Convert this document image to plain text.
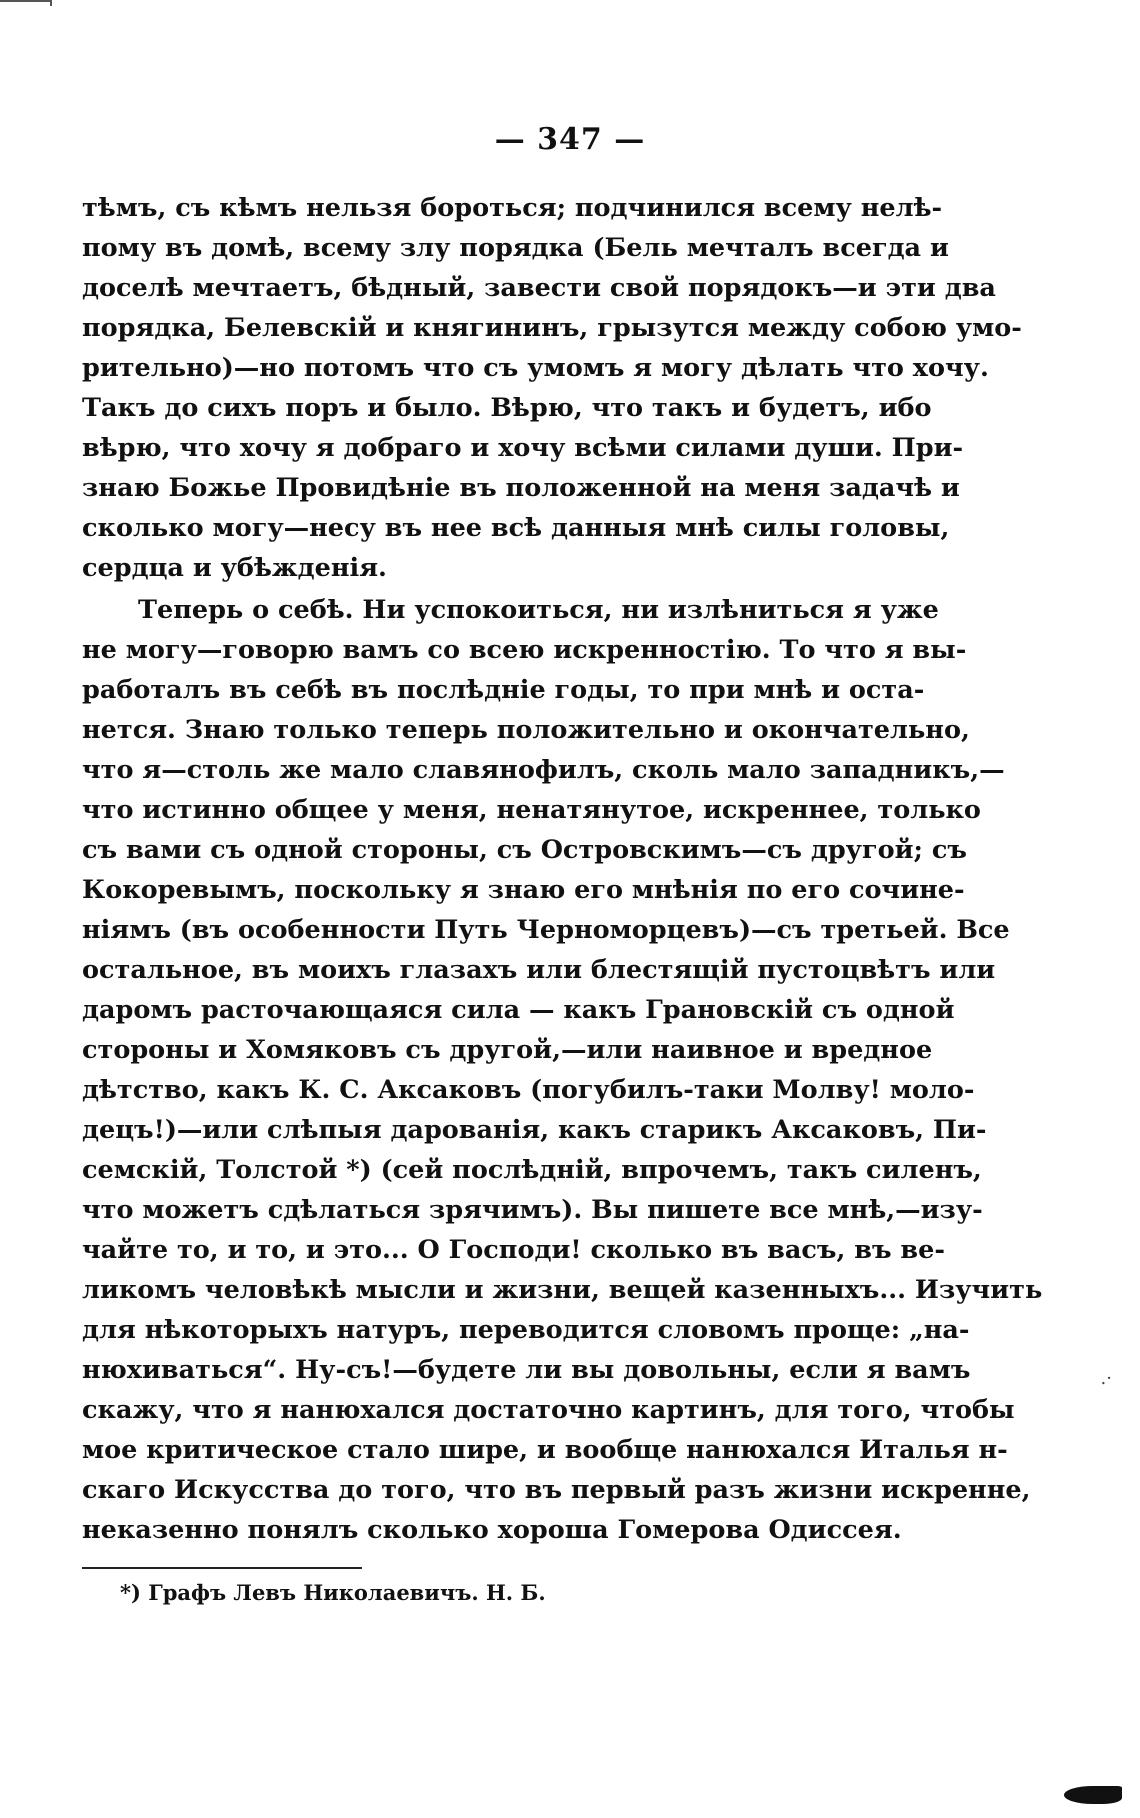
— 347 —
тѣмъ, съ кѣмъ нельзя бороться; подчинился всему нелѣ-
пому въ домѣ, всему злу порядка (Бель мечталъ всегда и
доселѣ мечтаетъ, бѣдный, завести свой порядокъ—и эти два
порядка, Белевскій и княгининъ, грызутся между собою умо-
рительно)—но потомъ что съ умомъ я могу дѣлать что хочу.
Такъ до сихъ поръ и было. Вѣрю, что такъ и будетъ, ибо
вѣрю, что хочу я добраго и хочу всѣми силами души. При-
знаю Божье Провидѣніе въ положенной на меня задачѣ и
сколько могу—несу въ нее всѣ данныя мнѣ силы головы,
сердца и убѣжденія.
Теперь о себѣ. Ни успокоиться, ни излѣниться я уже
не могу—говорю вамъ со всею искренностію. То что я вы-
работалъ въ себѣ въ послѣдніе годы, то при мнѣ и оста-
нется. Знаю только теперь положительно и окончательно,
что я—столь же мало славянофилъ, сколь мало западникъ,—
что истинно общее у меня, ненатянутое, искреннее, только
съ вами съ одной стороны, съ Островскимъ—съ другой; съ
Кокоревымъ, поскольку я знаю его мнѣнія по его сочине-
ніямъ (въ особенности Путь Черноморцевъ)—съ третьей. Все
остальное, въ моихъ глазахъ или блестящій пустоцвѣтъ или
даромъ расточающаяся сила — какъ Грановскій съ одной
стороны и Хомяковъ съ другой,—или наивное и вредное
дѣтство, какъ К. С. Аксаковъ (погубилъ-таки Молву! моло-
децъ!)—или слѣпыя дарованія, какъ старикъ Аксаковъ, Пи-
семскій, Толстой *) (сей послѣдній, впрочемъ, такъ силенъ,
что можетъ сдѣлаться зрячимъ). Вы пишете все мнѣ,—изу-
чайте то, и то, и это... О Господи! сколько въ васъ, въ ве-
ликомъ человѣкѣ мысли и жизни, вещей казенныхъ... Изучить
для нѣкоторыхъ натуръ, переводится словомъ проще: „на-
нюхиваться“. Ну-съ!—будете ли вы довольны, если я вамъ
скажу, что я нанюхался достаточно картинъ, для того, чтобы
мое критическое стало шире, и вообще нанюхался Италья н-
скаго Искусства до того, что въ первый разъ жизни искренне,
неказенно понялъ сколько хороша Гомерова Одиссея.
*) Графъ Левъ Николаевичъ. Н. Б.
.·
